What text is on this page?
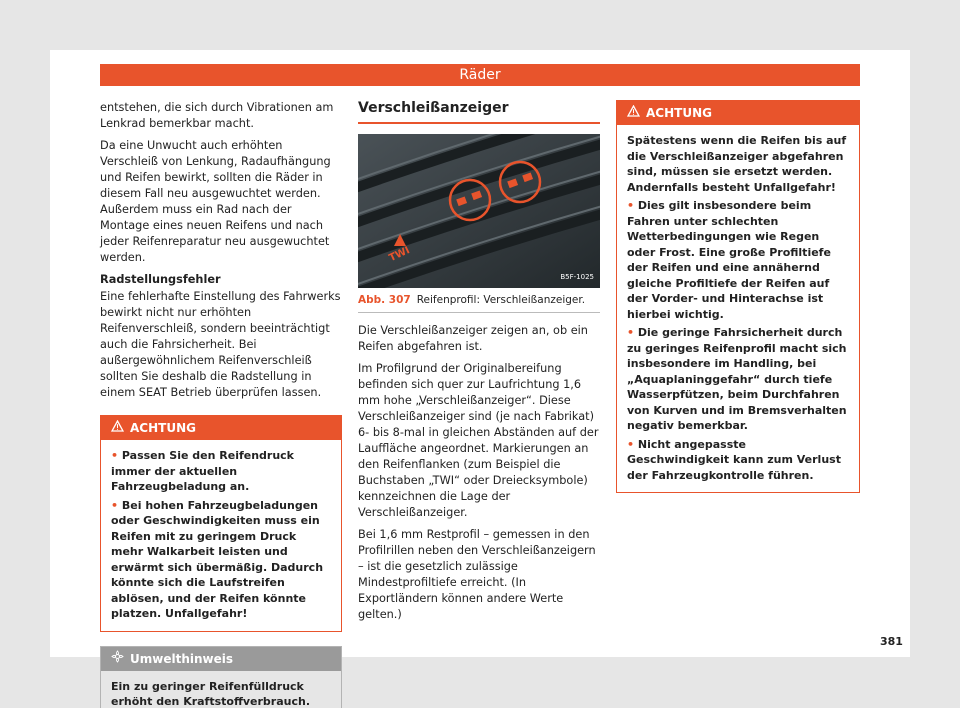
Räder

entstehen, die sich durch Vibrationen am Lenkrad bemerkbar macht.

Da eine Unwucht auch erhöhten Verschleiß von Lenkung, Radaufhängung und Reifen bewirkt, sollten die Räder in diesem Fall neu ausgewuchtet werden. Außerdem muss ein Rad nach der Montage eines neuen Reifens und nach jeder Reifenreparatur neu ausgewuchtet werden.

Radstellungsfehler

Eine fehlerhafte Einstellung des Fahrwerks bewirkt nicht nur erhöhten Reifenverschleiß, sondern beeinträchtigt auch die Fahrsicherheit. Bei außergewöhnlichem Reifenverschleiß sollten Sie deshalb die Radstellung in einem SEAT Betrieb überprüfen lassen.

ACHTUNG

• Passen Sie den Reifendruck immer der aktuellen Fahrzeugbeladung an.

• Bei hohen Fahrzeugbeladungen oder Geschwindigkeiten muss ein Reifen mit zu geringem Druck mehr Walkarbeit leisten und erwärmt sich übermäßig. Dadurch könnte sich die Laufstreifen ablösen, und der Reifen könnte platzen. Unfallgefahr!

Umwelthinweis
Ein zu geringer Reifenfülldruck erhöht den Kraftstoffverbrauch.
Verschleißanzeiger
TWI
B5F-1025
Abb. 307 Reifenprofil: Verschleißanzeiger.

Die Verschleißanzeiger zeigen an, ob ein Reifen abgefahren ist.

Im Profilgrund der Originalbereifung befinden sich quer zur Laufrichtung 1,6 mm hohe „Verschleißanzeiger“. Diese Verschleißanzeiger sind (je nach Fabrikat) 6- bis 8-mal in gleichen Abständen auf der Lauffläche angeordnet. Markierungen an den Reifenflanken (zum Beispiel die Buchstaben „TWI“ oder Dreiecksymbole) kennzeichnen die Lage der Verschleißanzeiger.

Bei 1,6 mm Restprofil – gemessen in den Profilrillen neben den Verschleißanzeigern – ist die gesetzlich zulässige Mindestprofiltiefe erreicht. (In Exportländern können andere Werte gelten.)

ACHTUNG

Spätestens wenn die Reifen bis auf die Verschleißanzeiger abgefahren sind, müssen sie ersetzt werden. Andernfalls besteht Unfallgefahr!

• Dies gilt insbesondere beim Fahren unter schlechten Wetterbedingungen wie Regen oder Frost. Eine große Profiltiefe der Reifen und eine annähernd gleiche Profiltiefe der Reifen auf der Vorder- und Hinterachse ist hierbei wichtig.

• Die geringe Fahrsicherheit durch zu geringes Reifenprofil macht sich insbesondere im Handling, bei „Aquaplaninggefahr“ durch tiefe Wasserpfützen, beim Durchfahren von Kurven und im Bremsverhalten negativ bemerkbar.

• Nicht angepasste Geschwindigkeit kann zum Verlust der Fahrzeugkontrolle führen.

381
